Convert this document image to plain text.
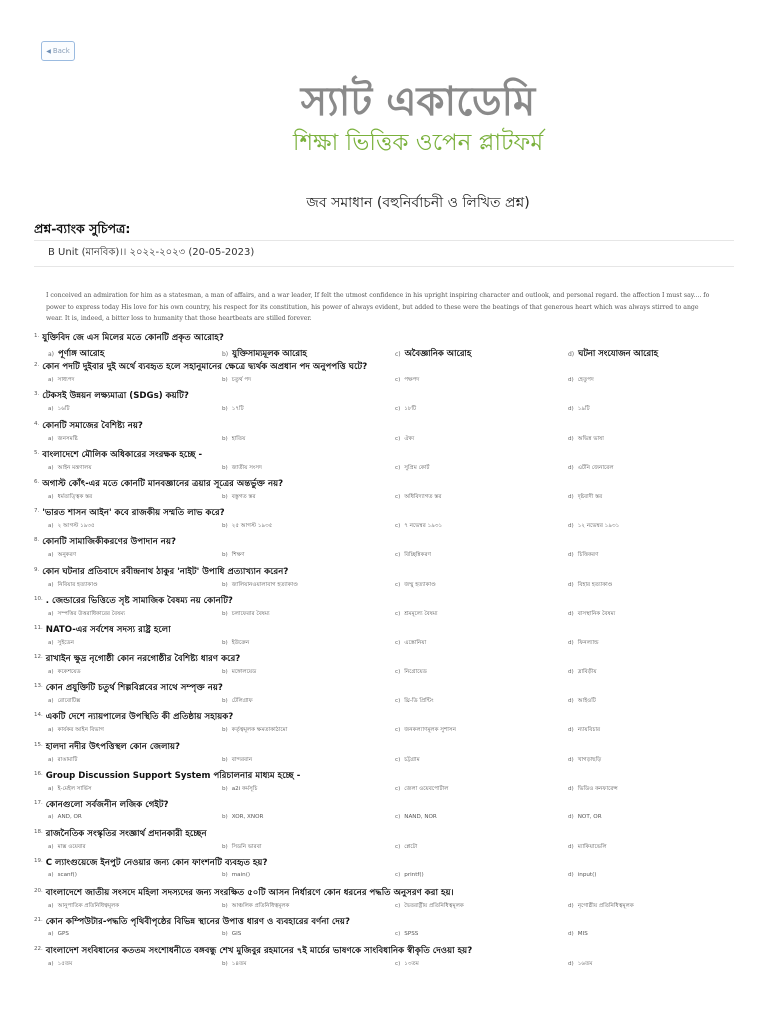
◀ Back
স্যাট একাডেমি
শিক্ষা ভিত্তিক ওপেন প্লাটফর্ম
জব সমাধান (বহুনির্বাচনী ও লিখিত প্রশ্ন)
প্রশ্ন-ব্যাংক সুচিপত্র:
B Unit (মানবিক)।। ২০২২-২০২৩ (20-05-2023)
I conceived an admiration for him as a statesman, a man of affairs, and a war leader, If felt the utmost confidence in his upright inspiring character and outlook, and personal regard. the affection I must say.... fo
power to express today His love for his own country, his respect for its constitution, his power of always evident, but added to these were the beatings of that generous heart which was always stirred to ange
wear. It is, indeed, a bitter loss to humanity that those heartbeats are stilled forever.
1. যুক্তিবিদ জে এস মিলের মতে কোনটি প্রকৃত আরোহ?
a) পূর্ণাঙ্গ আরোহ	b) যুক্তিসাম্যমূলক আরোহ	c) অবৈজ্ঞানিক আরোহ	d) ঘটনা সংযোজন আরোহ
2. কোন পদটি দুইবার দুই অর্থে ব্যবহৃত হলে সহানুমানের ক্ষেত্রে দ্ব্যর্থক অপ্রধান পদ অনুপপত্তি ঘটে?
a) সাধ্যপদ	b) চতুর্থ পদ	c) পক্ষপদ	d) হেতুপদ
3. টেকসই উন্নয়ন লক্ষ্যমাত্রা (SDGs) কয়টি?
a) ১৬টি	b) ১৭টি	c) ১৮টি	d) ১৯টি
4. কোনটি সমাজের বৈশিষ্ট্য নয়?
a) জনসমষ্টি	b) হাতিয়	c) ঐক্য	d) অভিন্ন ভাষা
5. বাংলাদেশে মৌলিক অধিকারের সংরক্ষক হচ্ছে -
a) আইন মন্ত্রণালয়	b) জাতীয় সংসদ	c) সুপ্রিম কোর্ট	d) এর্টনি জেনারেল
6. অগাস্ট কোঁৎ-এর মতে কোনটি মানবজ্ঞানের ত্রয়ার সূত্রের অন্তর্ভুক্ত নয়?
a) ধর্মতাত্ত্বিক স্তর	b) বস্তুগত স্তর	c) অধিবিদ্যাগত স্তর	d) দৃষ্টবাদী স্তর
7. 'ভারত শাসন আইন' কবে রাজকীয় সম্মতি লাভ করে?
a) ২ আগস্ট ১৯৩৫	b) ২৫ আগস্ট ১৯৩৫	c) ৭ নভেম্বর ১৯৩১	d) ১২ নভেম্বর ১৯৩১
8. কোনটি সামাজিকীকরণের উপাদান নয়?
a) অনুকরণ	b) শিক্ষণ	c) বিচ্ছিন্নিকরণ	d) চিত্তিকরণ
9. কোন ঘটনার প্রতিবাদে রবীন্দ্রনাথ ঠাকুর 'নাইট' উপাধি প্রত্যাখ্যান করেন?
a) নিবিয়ার হত্যাকাণ্ড	b) জালিয়ানওয়ালাবাগ হত্যাকাণ্ড	c) জম্মু হত্যাকাণ্ড	d) বিহার হত্যাকাণ্ড
10. . জেন্ডারের ভিত্তিতে সৃষ্ট সামাজিক বৈষম্য নয় কোনটি?
a) সম্পত্তির উত্তরাধিকারের বৈষম্য	b) চলাফেরার বৈষম্য	c) শ্রমমূল্যে বৈষম্য	d) বাসস্থানিক বৈষম্য
11. NATO-এর সর্বশেষ সদস্য রাষ্ট্র হলো
a) সুইডেন	b) ইউক্রেন	c) এস্তোনিয়া	d) ফিনল্যান্ড
12. রাখাইন ক্ষুদ্র নৃগোষ্ঠী কোন নরগোষ্ঠীর বৈশিষ্ট্য ধারণ করে?
a) ককেশয়েড	b) মঙ্গোলয়েড	c) নিগ্রোয়েড	d) দ্রাবিড়ীয়
13. কোন প্রযুক্তিটি চতুর্থ শিল্পবিপ্লবের সাথে সম্পৃক্ত নয়?
a) রোবোটিক্স	b) টেলিগ্রাফ	c) থ্রি-ডি প্রিন্টিং	d) আইওটি
14. একটি দেশে ন্যায়পালের উপস্থিতি কী প্রতিষ্ঠায় সহায়ক?
a) কার্যকর আইন বিভাগ	b) কর্তৃত্বমূলক ক্ষমতাকাঠামো	c) জনকল্যাণমূলক সুশাসন	d) ন্যায়বিচার
15. হালদা নদীর উৎপত্তিস্থল কোন জেলায়?
a) রাঙামাটি	b) বান্দরবান	c) চট্টগ্রাম	d) খাগড়াছড়ি
16. Group Discussion Support System পরিচালনার মাধ্যম হচ্ছে -
a) ই-মেইল সার্ভিস	b) a2i কর্মসূচি	c) জেলা ওয়েবপোর্টাল	d) ভিডিও কনফারেন্স
17. কোনগুলো সর্বজনীন লজিক গেইট?
a) AND, OR	b) XOR, XNOR	c) NAND, NOR	d) NOT, OR
18. রাজনৈতিক সংস্কৃতির সংজ্ঞার্থ প্রদানকারী হচ্ছেন
a) মাক্স ওয়েবার	b) সিডনি ভারবা	c) প্লেটো	d) ম্যাকিয়াভেলি
19. C ল্যাংগুয়েজে ইনপুট নেওয়ার জন্য কোন ফাংশনটি ব্যবহৃত হয়?
a) scanf()	b) main()	c) printf()	d) input()
20. বাংলাদেশে জাতীয় সংসদে মহিলা সদস্যদের জন্য সংরক্ষিত ৫০টি আসন নির্ধারণে কোন ধরনের পদ্ধতি অনুসরণ করা হয়।
a) আনুপাতিক প্রতিনিধিত্বমূলক	b) আঞ্চলিক প্রতিনিধিত্বমূলক	c) দ্বৈতরাষ্ট্রীয় প্রতিনিধিত্বমূলক	d) নৃগোষ্ঠীয় প্রতিনিধিত্বমূলক
21. কোন কম্পিউটার-পদ্ধতি পৃথিবীপৃষ্ঠের বিভিন্ন স্থানের উপাত্ত ধারণ ও ব্যবহারের বর্ণনা দেয়?
a) GPS	b) GIS	c) SPSS	d) MIS
22. বাংলাদেশ সংবিধানের কততম সংশোধনীতে বঙ্গবন্ধু শেখ মুজিবুর রহমানের ৭ই মার্চের ভাষণকে সাংবিধানিক স্বীকৃতি দেওয়া হয়?
a) ১৫তম	b) ১৪তম	c) ১৩তম	d) ১৬তম
